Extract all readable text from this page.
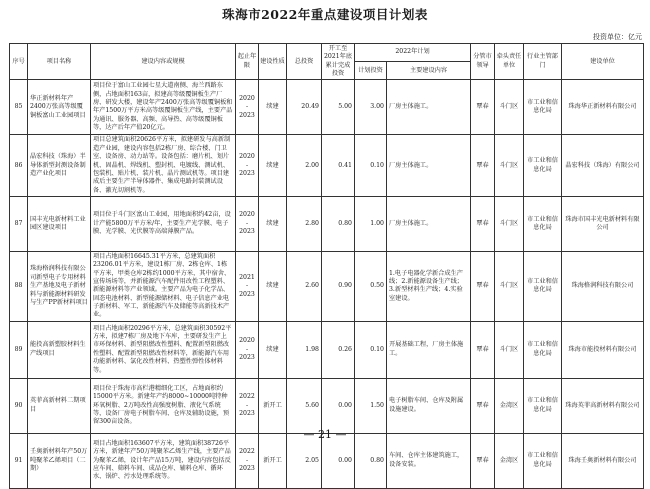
珠海市2022年重点建设项目计划表
投资单位：亿元
序号	项目名称	建设内容或规模	起止年限	建设性质	总投资	开工至2021年底累计完成投资	2022年计划		分管市领导	牵头责任单位	行业主管部门	建设单位
							计划投资	主要建设内容				
85	华正新材料年产2400万张高等级覆铜板富山工业园项目	项目位于富山工业园七星大道南侧、海兰西路东侧，占地面积163亩，拟建高等级覆铜板生产厂房、研发大楼，建设年产2400万张高等级覆铜板和年产1500万平方米高等级覆铜板生产线，主要产品为通讯、服务器、高频、高导热、高等级覆铜板等，达产后年产值20亿元。	2020
-
2023	续建	20.49	5.00	3.00	厂房主体施工。	覃春	斗门区	市工业和信息化局	珠海华正新材料有限公司
86	晶宏科技（珠海）半导体新型封测设备制造产业化项目	项目总建筑面积20626平方米，拟建研发与高新制造产业园，建设内容包括2栋厂房、综合楼、门卫室、设备房、动力站等。设备包括：磨片机、划片机、固晶机、焊线机、塑封机、电镀线、测试机、包装机、贴片机、装片机、晶片测试机等。项目建成后主要生产半导体器件、集成电路封装测试设备、激光切割机等。	2020
-
2023	续建	2.00	0.41	0.10	厂房主体施工。	覃春	斗门区	市工业和信息化局	晶宏科技（珠海）有限公司
87	国丰光电新材料工业园区建设项目	项目位于斗门区富山工业园，用地面积约42亩，设计产能5800万平方米/年，主要生产光学膜、电子膜、光学膜、光伏膜等高端薄膜产品。	2020
-
2023	续建	2.80	0.80	1.00	厂房主体施工。	覃春	斗门区	市工业和信息化局	珠海市国丰光电新材料有限公司
88	珠海格润科技有限公司新型电子专用材料生产基地及电子新材料与新能源材料研发与生产PP新材料项目	项目占地面积16645.31平方米，总建筑面积23206.01平方米，建设1栋厂房、2栋仓库、1栋平方米，甲类仓库2栋约1000平方米，其中宿舍、宣传场场等，并新能源汽车配件用改性工程塑料、新能源材料等产业领域。主要产品为电子化学品、固态电池材料、新型能源储材料、电子信息产业电子新材料、军工、新能源汽车及储能等高新技术产业。	2021
-
2023	续建	2.60	0.90	0.50	1.电子电器化学新合成生产线；2.新能源设备生产线；3.新型材料生产线；4.实验室建设。	覃春	斗门区	市工业和信息化局	珠海格润科技有限公司
89	能投高新塑胶材料生产线项目	项目占地面积20296平方米，总建筑面积30592平方米，拟建7栋厂房及地下车库，主要研发生产上市环保材料、新型阻燃改性塑料、配置新型阻燃改性塑料、配置新型阻燃改性材料等，新能源汽车用功能新材料、氯化改性材料、热塑性弹性体材料等。	2020
-
2023	续建	1.98	0.26	0.10	开展基础工程，厂房主体施工。	覃春	斗门区	市工业和信息化局	珠海市能投材料有限公司
90	英菲高新材料二期项目	项目位于珠海市高栏港精细化工区，占地面积约15000平方米。新建年产约8000~10000吨特种环氧树脂、2万吨改性高强度树脂、液化气系统等，设备厂房电子树脂车间、仓库及辅助设施，预留300亩设备。	2022
-
2023	新开工	5.60	0.00	1.50	电子树脂车间、仓库及附属设施建设。	覃春	金湾区	市工业和信息化局	珠海英菲高新材料有限公司
91	壬奥新材料年产50万吨聚苯乙烯项目（二期）	项目占地面积163607平方米，建筑面积38726平方米，新建年产50万吨聚苯乙烯生产线，主要产品为聚苯乙烯，设计年产品15万吨，建设内容包括反应车间、筛料车间、成品仓库、辅料仓库、循环水、锅炉、污水处理系统等。	2022
-
2023	新开工	2.05	0.00	0.80	车间、仓库主体建筑施工，设备安装。	覃春	金湾区	市工业和信息化局	珠海壬奥新材料有限公司
— 21 —
